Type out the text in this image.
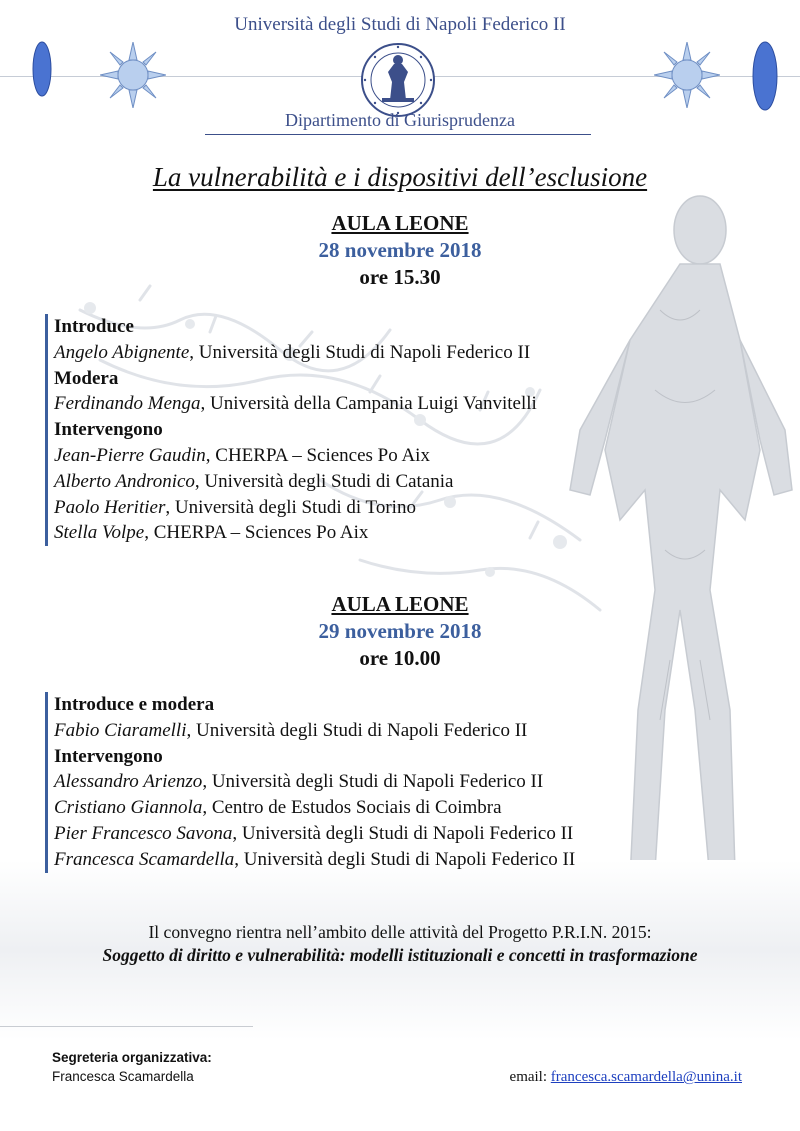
Università degli Studi di Napoli Federico II
Dipartimento di Giurisprudenza
La vulnerabilità e i dispositivi dell’esclusione
AULA LEONE
28 novembre 2018
ore 15.30
Introduce
Angelo Abignente, Università degli Studi di Napoli Federico II
Modera
Ferdinando Menga, Università della Campania Luigi Vanvitelli
Intervengono
Jean-Pierre Gaudin, CHERPA – Sciences Po Aix
Alberto Andronico, Università degli Studi di Catania
Paolo Heritier, Università degli Studi di Torino
Stella Volpe, CHERPA – Sciences Po Aix
AULA LEONE
29 novembre 2018
ore 10.00
Introduce e modera
Fabio Ciaramelli, Università degli Studi di Napoli Federico II
Intervengono
Alessandro Arienzo, Università degli Studi di Napoli Federico II
Cristiano Giannola, Centro de Estudos Sociais di Coimbra
Pier Francesco Savona, Università degli Studi di Napoli Federico II
Francesca Scamardella, Università degli Studi di Napoli Federico II
Il convegno rientra nell’ambito delle attività del Progetto P.R.I.N. 2015:
Soggetto di diritto e vulnerabilità: modelli istituzionali e concetti in trasformazione
Segreteria organizzativa:
Francesca Scamardella	email: francesca.scamardella@unina.it
